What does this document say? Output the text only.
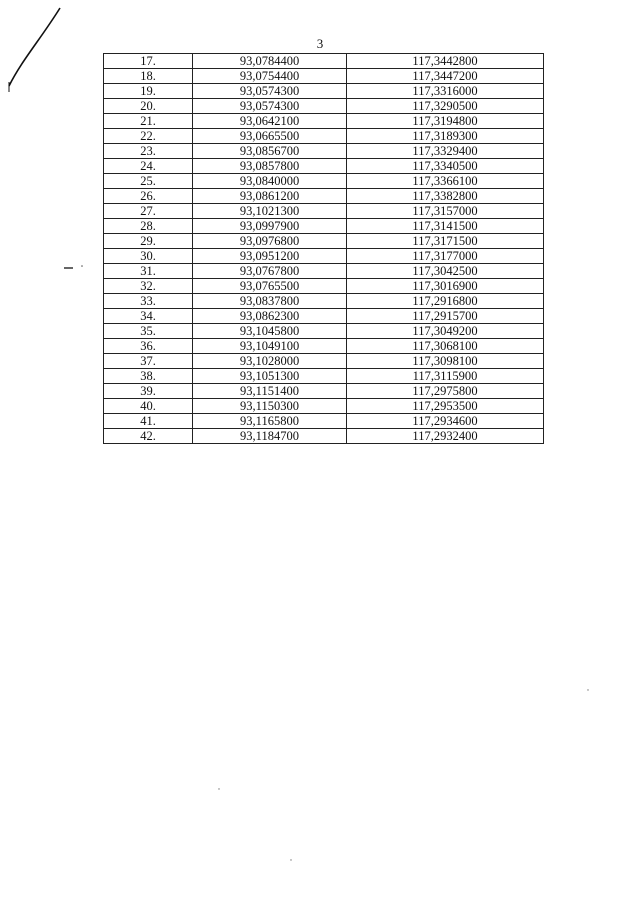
3
17.	93,0784400	117,3442800
18.	93,0754400	117,3447200
19.	93,0574300	117,3316000
20.	93,0574300	117,3290500
21.	93,0642100	117,3194800
22.	93,0665500	117,3189300
23.	93,0856700	117,3329400
24.	93,0857800	117,3340500
25.	93,0840000	117,3366100
26.	93,0861200	117,3382800
27.	93,1021300	117,3157000
28.	93,0997900	117,3141500
29.	93,0976800	117,3171500
30.	93,0951200	117,3177000
31.	93,0767800	117,3042500
32.	93,0765500	117,3016900
33.	93,0837800	117,2916800
34.	93,0862300	117,2915700
35.	93,1045800	117,3049200
36.	93,1049100	117,3068100
37.	93,1028000	117,3098100
38.	93,1051300	117,3115900
39.	93,1151400	117,2975800
40.	93,1150300	117,2953500
41.	93,1165800	117,2934600
42.	93,1184700	117,2932400
